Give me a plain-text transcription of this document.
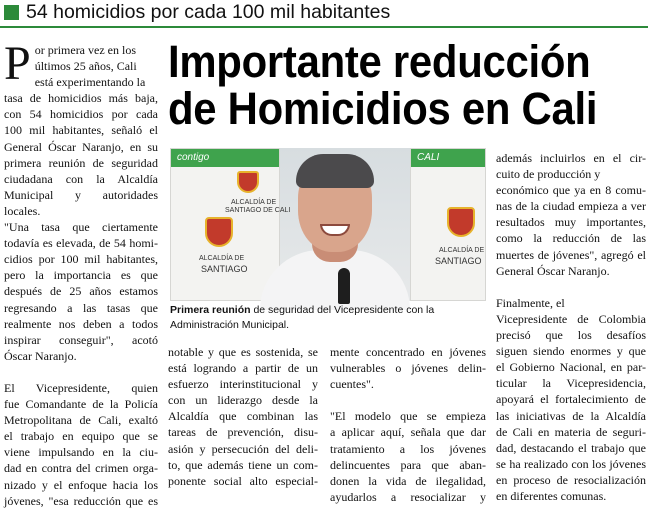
54 homicidios por cada 100 mil habitantes
Importante reducción
de Homicidios en Cali
P or primera vez en los
últimos 25 años, Cali
está experimentando la
tasa de homicidios más baja,
con 54 homicidios por cada
100 mil habitantes, señaló el
General Óscar Naranjo, en su
primera reunión de seguridad
ciudadana con la Alcaldía
Municipal y autoridades
locales.
"Una tasa que ciertamente
todavía es elevada, de 54 homi-
cidios por 100 mil habitantes,
pero la importancia es que
después de 25 años estamos
regresando a las tasas que
realmente nos deben a todos
inspirar conseguir", acotó
Óscar Naranjo.

El Vicepresidente, quien
fue Comandante de la Policía
Metropolitana de Cali, exaltó
el trabajo en equipo que se
viene impulsando en la ciu-
dad en contra del crimen orga-
nizado y el enfoque hacia los
jóvenes, "esa reducción que es
contigo
ALCALDÍA DE
SANTIAGO DE CALI
ALCALDÍA DE
SANTIAGO
CALI
ALCALDÍA DE
SANTIAGO
Primera reunión de seguridad del Vicepresidente con la
Administración Municipal.
notable y que es sostenida, se
está logrando a partir de un
esfuerzo interinstitucional y
con un liderazgo desde la
Alcaldía que combinan las
tareas de prevención, disu-
asión y persecución del deli-
to, que además tiene un com-
ponente social alto especial-
mente concentrado en jóvenes
vulnerables o jóvenes delin-
cuentes".

"El modelo que se empieza
a aplicar aquí, señala que dar
tratamiento a los jóvenes
delincuentes para que aban-
donen la vida de ilegalidad,
ayudarlos a resocializar y
además incluirlos en el cir-
cuito de producción y
económico que ya en 8 comu-
nas de la ciudad empieza a ver
resultados muy importantes,
como la reducción de las
muertes de jóvenes", agregó el
General Óscar Naranjo.

Finalmente, el
Vicepresidente de Colombia
precisó que los desafíos
siguen siendo enormes y que
el Gobierno Nacional, en par-
ticular la Vicepresidencia,
apoyará el fortalecimiento de
las iniciativas de la Alcaldía
de Cali en materia de seguri-
dad, destacando el trabajo que
se ha realizado con los jóvenes
en proceso de resocialización
en diferentes comunas.
